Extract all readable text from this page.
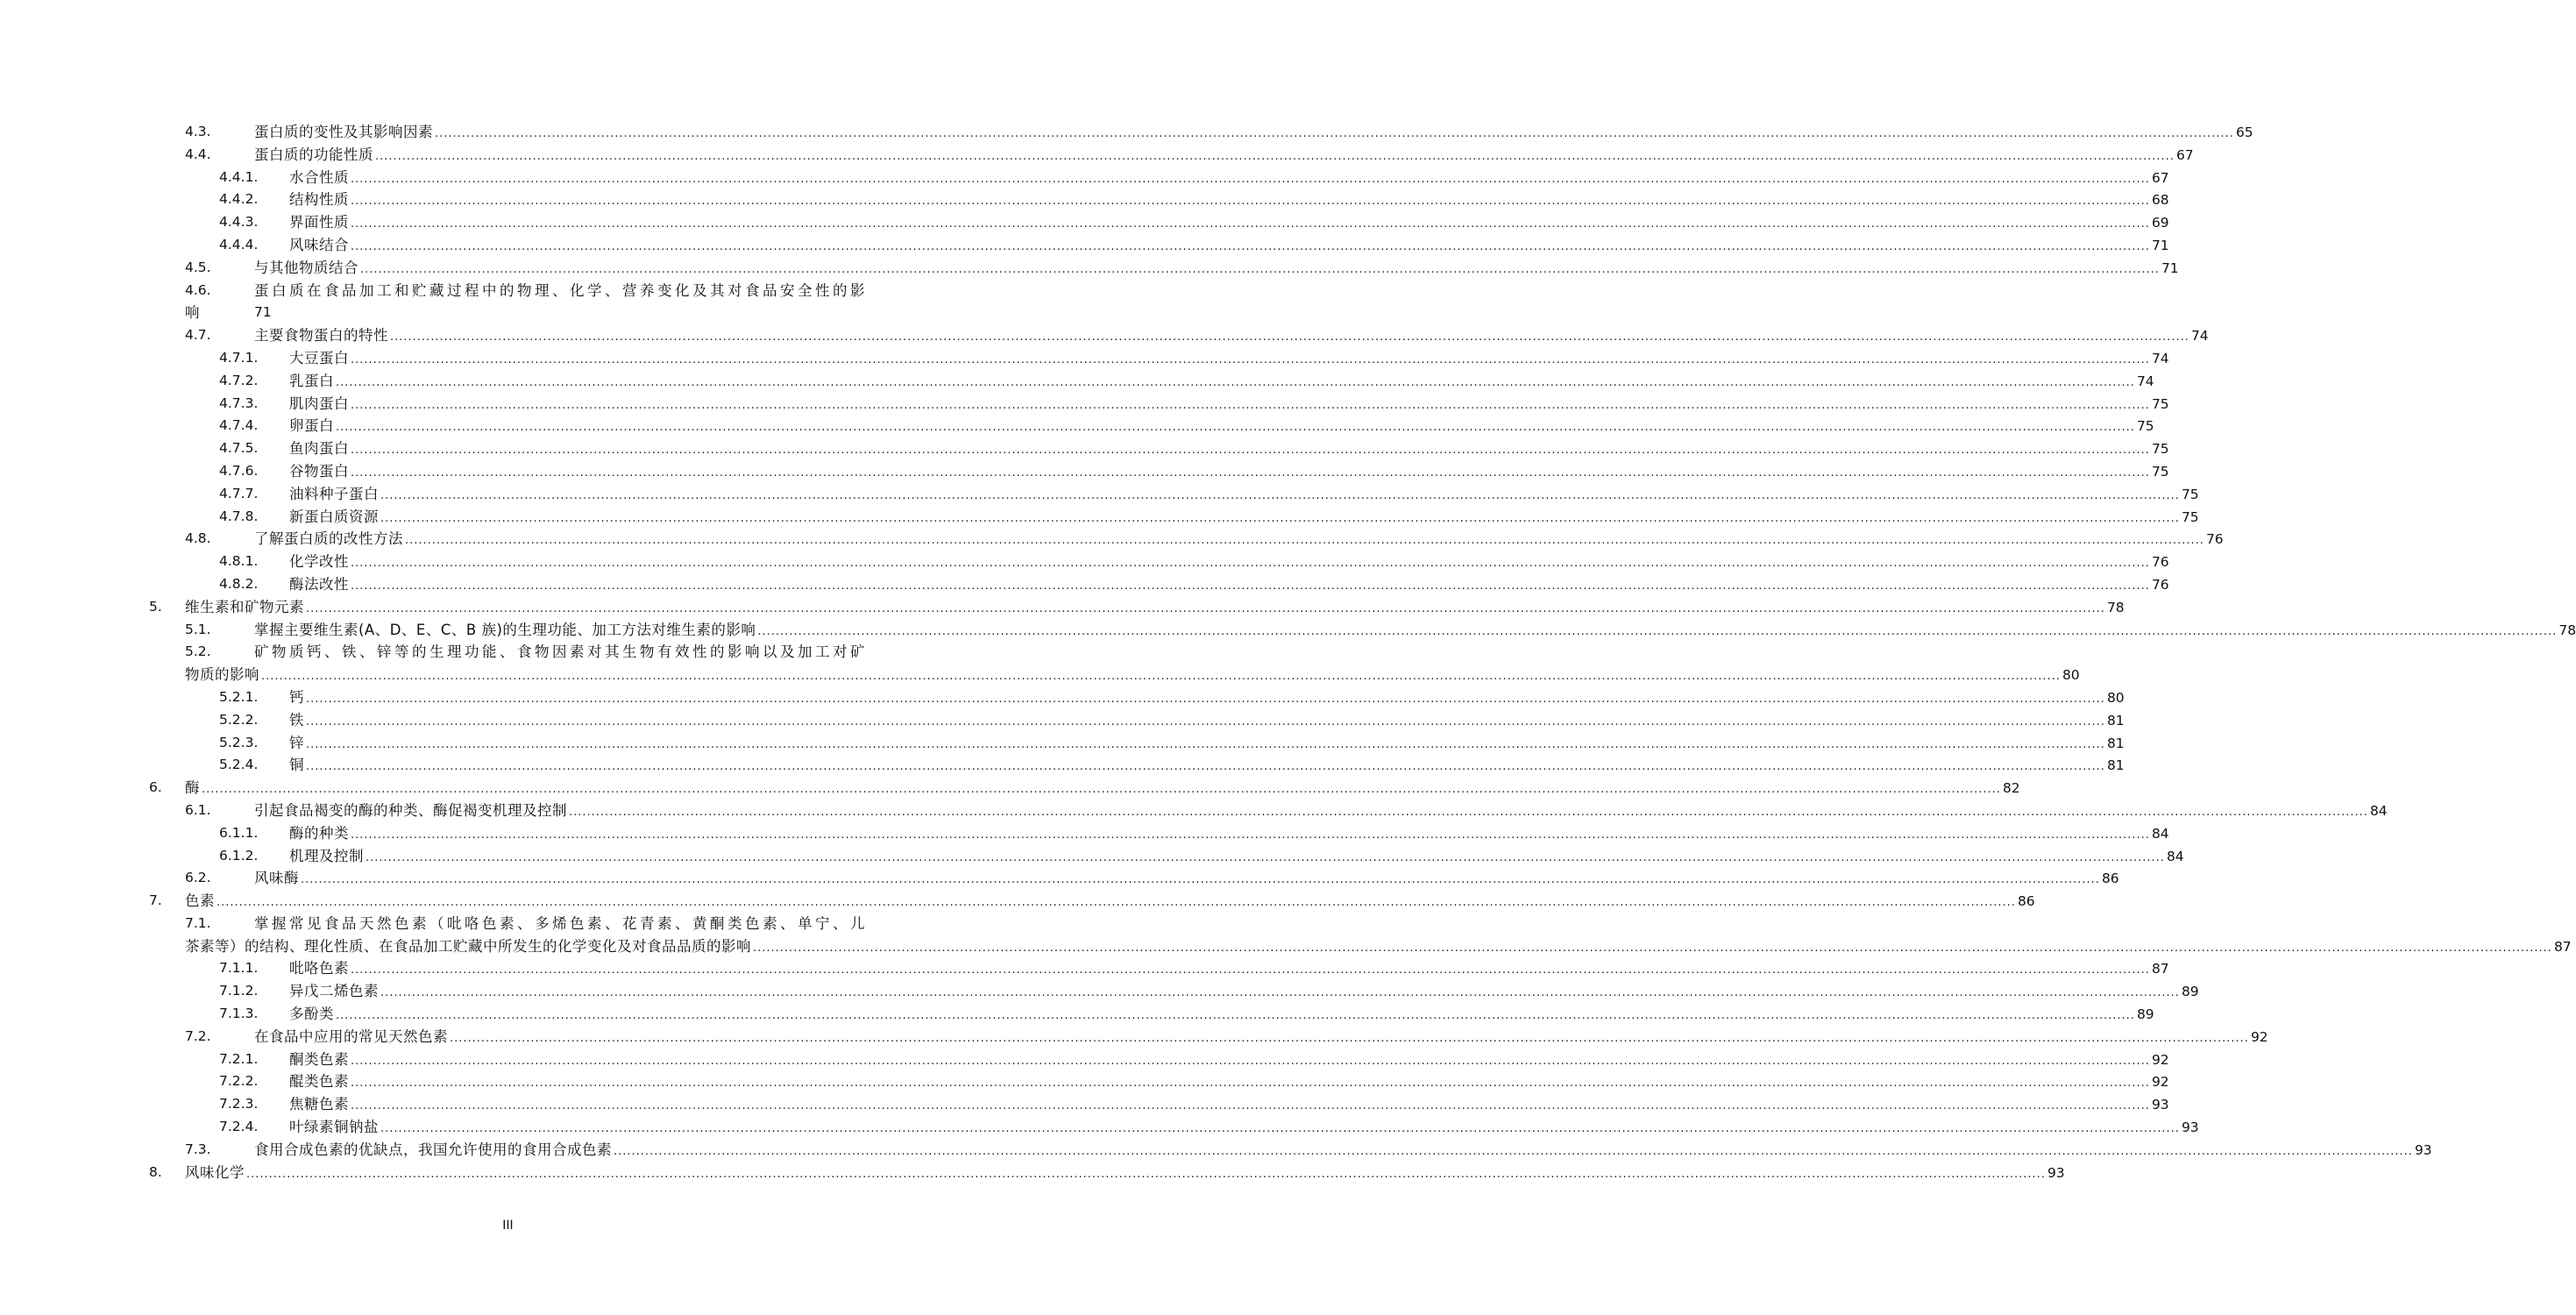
4.3.	蛋白质的变性及其影响因素 ................................................................................................................................................................................................................................................................................................................................................................................................................ 65
4.4.	蛋白质的功能性质 ................................................................................................................................................................................................................................................................................................................................................................................................................ 67
4.4.1. 水合性质 ................................................................................................................................................................................................................................................................................................................................................................................................................ 67
4.4.2. 结构性质 ................................................................................................................................................................................................................................................................................................................................................................................................................ 68
4.4.3. 界面性质 ................................................................................................................................................................................................................................................................................................................................................................................................................ 69
4.4.4. 风味结合 ................................................................................................................................................................................................................................................................................................................................................................................................................ 71
4.5.	与其他物质结合 ................................................................................................................................................................................................................................................................................................................................................................................................................ 71
4.6.	蛋白质在食品加工和贮藏过程中的物理、化学、营养变化及其对食品安全性的影
响	71
4.7.	主要食物蛋白的特性 ................................................................................................................................................................................................................................................................................................................................................................................................................ 74
4.7.1. 大豆蛋白 ................................................................................................................................................................................................................................................................................................................................................................................................................ 74
4.7.2. 乳蛋白 ................................................................................................................................................................................................................................................................................................................................................................................................................ 74
4.7.3. 肌肉蛋白 ................................................................................................................................................................................................................................................................................................................................................................................................................ 75
4.7.4. 卵蛋白 ................................................................................................................................................................................................................................................................................................................................................................................................................ 75
4.7.5. 鱼肉蛋白 ................................................................................................................................................................................................................................................................................................................................................................................................................ 75
4.7.6. 谷物蛋白 ................................................................................................................................................................................................................................................................................................................................................................................................................ 75
4.7.7. 油料种子蛋白 ................................................................................................................................................................................................................................................................................................................................................................................................................ 75
4.7.8. 新蛋白质资源 ................................................................................................................................................................................................................................................................................................................................................................................................................ 75
4.8.	了解蛋白质的改性方法 ................................................................................................................................................................................................................................................................................................................................................................................................................ 76
4.8.1. 化学改性 ................................................................................................................................................................................................................................................................................................................................................................................................................ 76
4.8.2. 酶法改性 ................................................................................................................................................................................................................................................................................................................................................................................................................ 76
5. 维生素和矿物元素 ................................................................................................................................................................................................................................................................................................................................................................................................................ 78
5.1.	掌握主要维生素(A、D、E、C、B 族)的生理功能、加工方法对维生素的影响 ................................................................................................................................................................................................................................................................................................................................................................................................................ 78
5.2.	矿物质钙、铁、锌等的生理功能、食物因素对其生物有效性的影响以及加工对矿
物质的影响 ................................................................................................................................................................................................................................................................................................................................................................................................................ 80
5.2.1. 钙 ................................................................................................................................................................................................................................................................................................................................................................................................................ 80
5.2.2. 铁 ................................................................................................................................................................................................................................................................................................................................................................................................................ 81
5.2.3. 锌 ................................................................................................................................................................................................................................................................................................................................................................................................................ 81
5.2.4. 铜 ................................................................................................................................................................................................................................................................................................................................................................................................................ 81
6. 酶 ................................................................................................................................................................................................................................................................................................................................................................................................................ 82
6.1.	引起食品褐变的酶的种类、酶促褐变机理及控制 ................................................................................................................................................................................................................................................................................................................................................................................................................ 84
6.1.1. 酶的种类 ................................................................................................................................................................................................................................................................................................................................................................................................................ 84
6.1.2. 机理及控制 ................................................................................................................................................................................................................................................................................................................................................................................................................ 84
6.2.	风味酶 ................................................................................................................................................................................................................................................................................................................................................................................................................ 86
7. 色素 ................................................................................................................................................................................................................................................................................................................................................................................................................ 86
7.1.	掌握常见食品天然色素（吡咯色素、多烯色素、花青素、黄酮类色素、单宁、儿
茶素等）的结构、理化性质、在食品加工贮藏中所发生的化学变化及对食品品质的影响 ................................................................................................................................................................................................................................................................................................................................................................................................................ 87
7.1.1. 吡咯色素 ................................................................................................................................................................................................................................................................................................................................................................................................................ 87
7.1.2. 异戊二烯色素 ................................................................................................................................................................................................................................................................................................................................................................................................................ 89
7.1.3. 多酚类 ................................................................................................................................................................................................................................................................................................................................................................................................................ 89
7.2.	在食品中应用的常见天然色素 ................................................................................................................................................................................................................................................................................................................................................................................................................ 92
7.2.1. 酮类色素 ................................................................................................................................................................................................................................................................................................................................................................................................................ 92
7.2.2. 醌类色素 ................................................................................................................................................................................................................................................................................................................................................................................................................ 92
7.2.3. 焦糖色素 ................................................................................................................................................................................................................................................................................................................................................................................................................ 93
7.2.4. 叶绿素铜钠盐 ................................................................................................................................................................................................................................................................................................................................................................................................................ 93
7.3.	食用合成色素的优缺点，我国允许使用的食用合成色素 ................................................................................................................................................................................................................................................................................................................................................................................................................ 93
8. 风味化学 ................................................................................................................................................................................................................................................................................................................................................................................................................ 93
III
